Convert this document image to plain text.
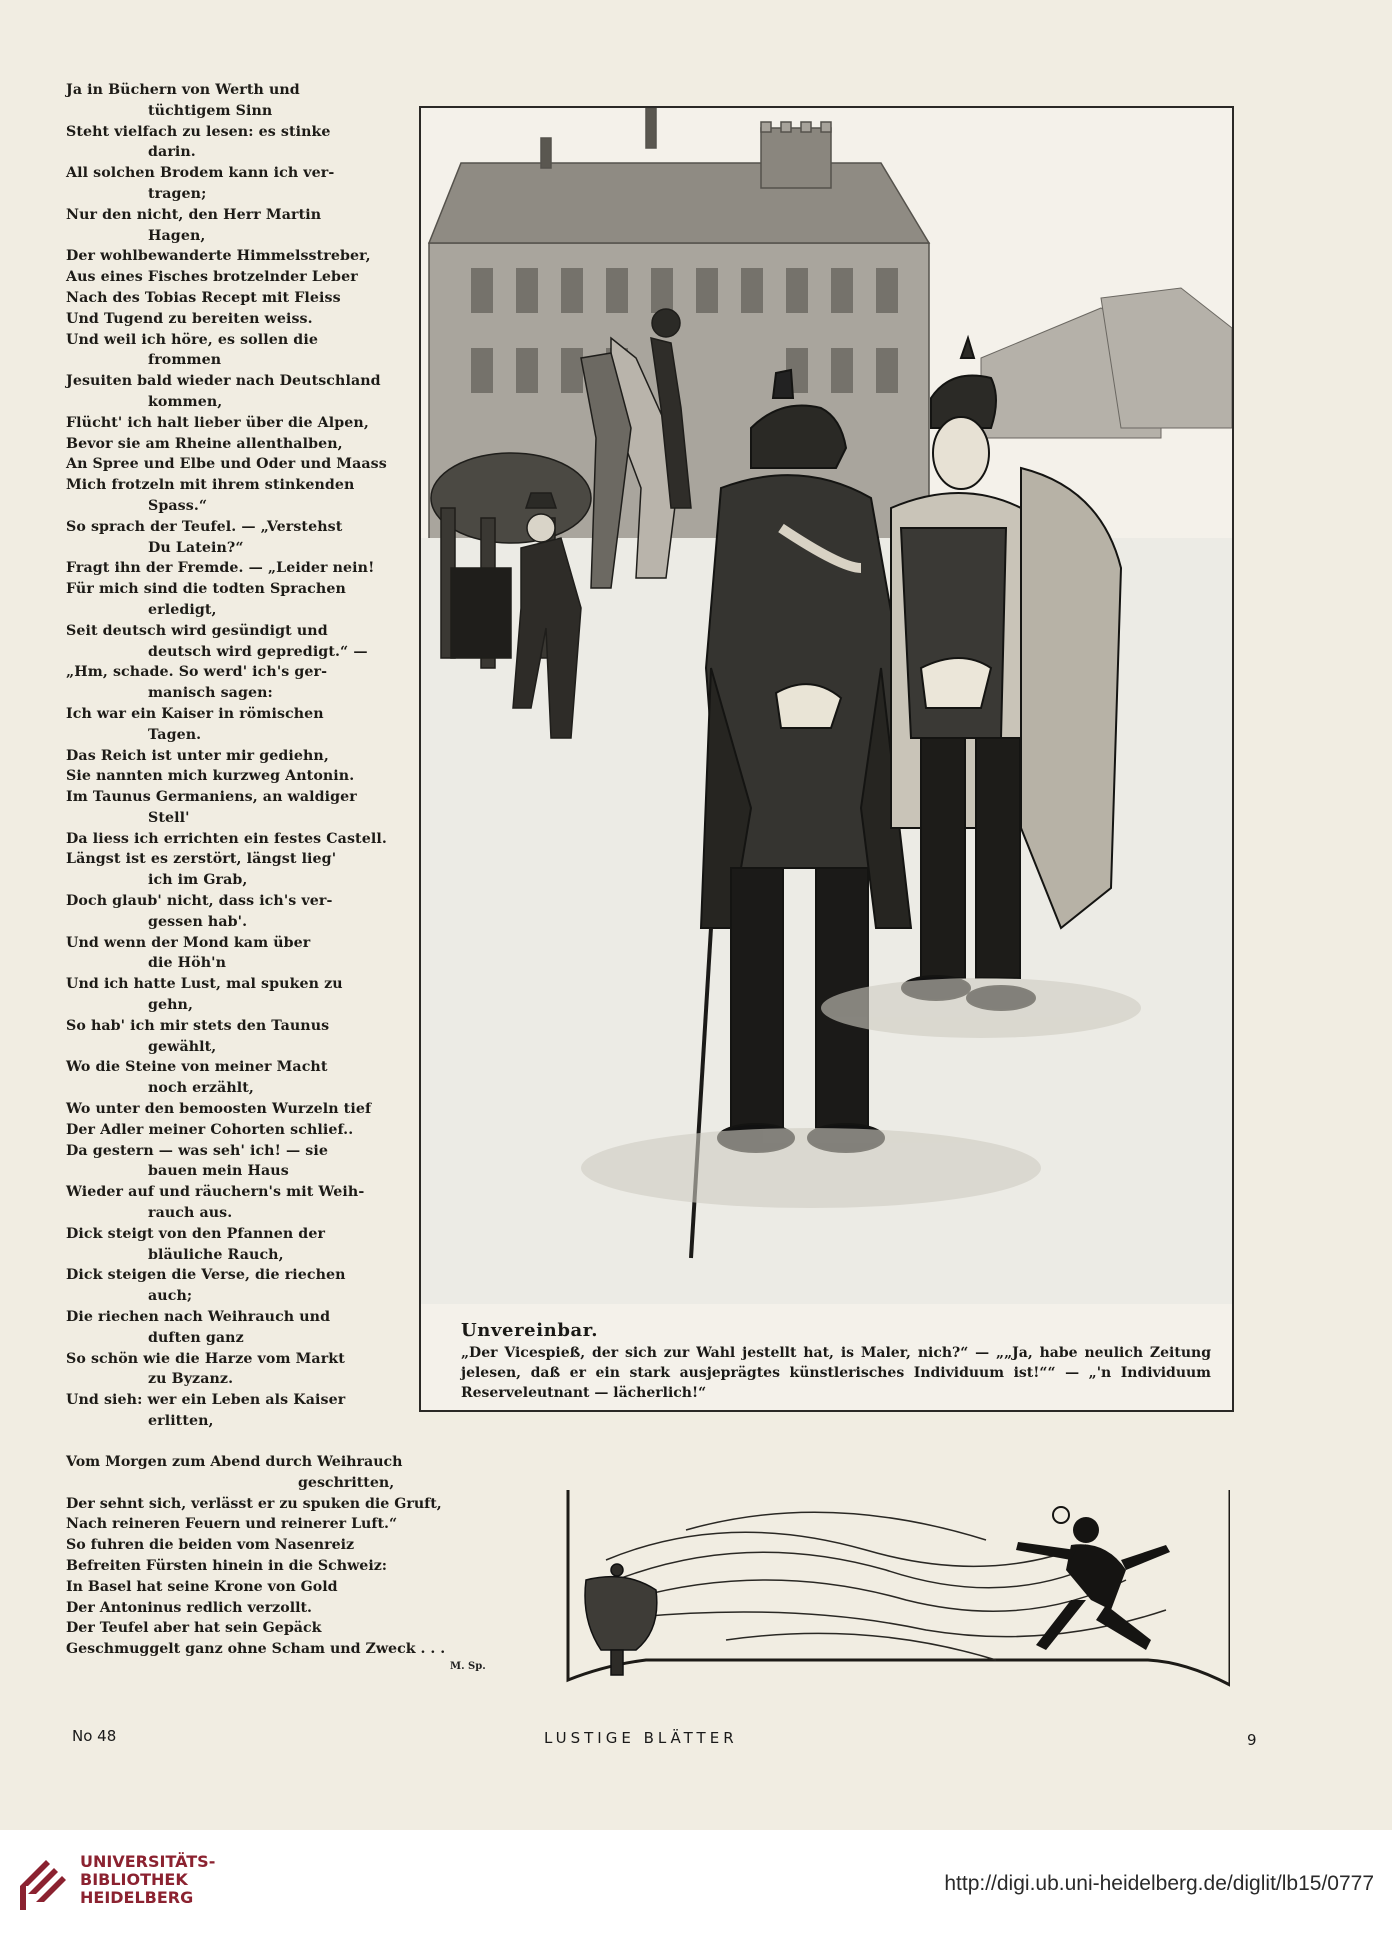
Ja in Büchern von Werth und
tüchtigem Sinn
Steht vielfach zu lesen: es stinke
darin.
All solchen Brodem kann ich ver-
tragen;
Nur den nicht, den Herr Martin
Hagen,
Der wohlbewanderte Himmelsstreber,
Aus eines Fisches brotzelnder Leber
Nach des Tobias Recept mit Fleiss
Und Tugend zu bereiten weiss.
Und weil ich höre, es sollen die
frommen
Jesuiten bald wieder nach Deutschland
kommen,
Flücht' ich halt lieber über die Alpen,
Bevor sie am Rheine allenthalben,
An Spree und Elbe und Oder und Maass
Mich frotzeln mit ihrem stinkenden
Spass.“
So sprach der Teufel. — „Verstehst
Du Latein?“
Fragt ihn der Fremde. — „Leider nein!
Für mich sind die todten Sprachen
erledigt,
Seit deutsch wird gesündigt und
deutsch wird gepredigt.“ —
„Hm, schade. So werd' ich's ger-
manisch sagen:
Ich war ein Kaiser in römischen
Tagen.
Das Reich ist unter mir gediehn,
Sie nannten mich kurzweg Antonin.
Im Taunus Germaniens, an waldiger
Stell'
Da liess ich errichten ein festes Castell.
Längst ist es zerstört, längst lieg'
ich im Grab,
Doch glaub' nicht, dass ich's ver-
gessen hab'.
Und wenn der Mond kam über
die Höh'n
Und ich hatte Lust, mal spuken zu
gehn,
So hab' ich mir stets den Taunus
gewählt,
Wo die Steine von meiner Macht
noch erzählt,
Wo unter den bemoosten Wurzeln tief
Der Adler meiner Cohorten schlief..
Da gestern — was seh' ich! — sie
bauen mein Haus
Wieder auf und räuchern's mit Weih-
rauch aus.
Dick steigt von den Pfannen der
bläuliche Rauch,
Dick steigen die Verse, die riechen
auch;
Die riechen nach Weihrauch und
duften ganz
So schön wie die Harze vom Markt
zu Byzanz.
Und sieh: wer ein Leben als Kaiser
erlitten,
Vom Morgen zum Abend durch Weihrauch
geschritten,
Der sehnt sich, verlässt er zu spuken die Gruft,
Nach reineren Feuern und reinerer Luft.“
So fuhren die beiden vom Nasenreiz
Befreiten Fürsten hinein in die Schweiz:
In Basel hat seine Krone von Gold
Der Antoninus redlich verzollt.
Der Teufel aber hat sein Gepäck
Geschmuggelt ganz ohne Scham und Zweck . . .
M. Sp.
Unvereinbar.
„Der Vicespieß, der sich zur Wahl jestellt hat, is Maler, nich?“ — „„Ja, habe neulich Zeitung jelesen, daß er ein stark ausjeprägtes künstlerisches Individuum ist!““ — „'n Individuum Reserveleutnant — lächerlich!“
No 48	LUSTIGE BLÄTTER	9
UNIVERSITÄTS-
BIBLIOTHEK
HEIDELBERG
http://digi.ub.uni-heidelberg.de/diglit/lb15/0777
